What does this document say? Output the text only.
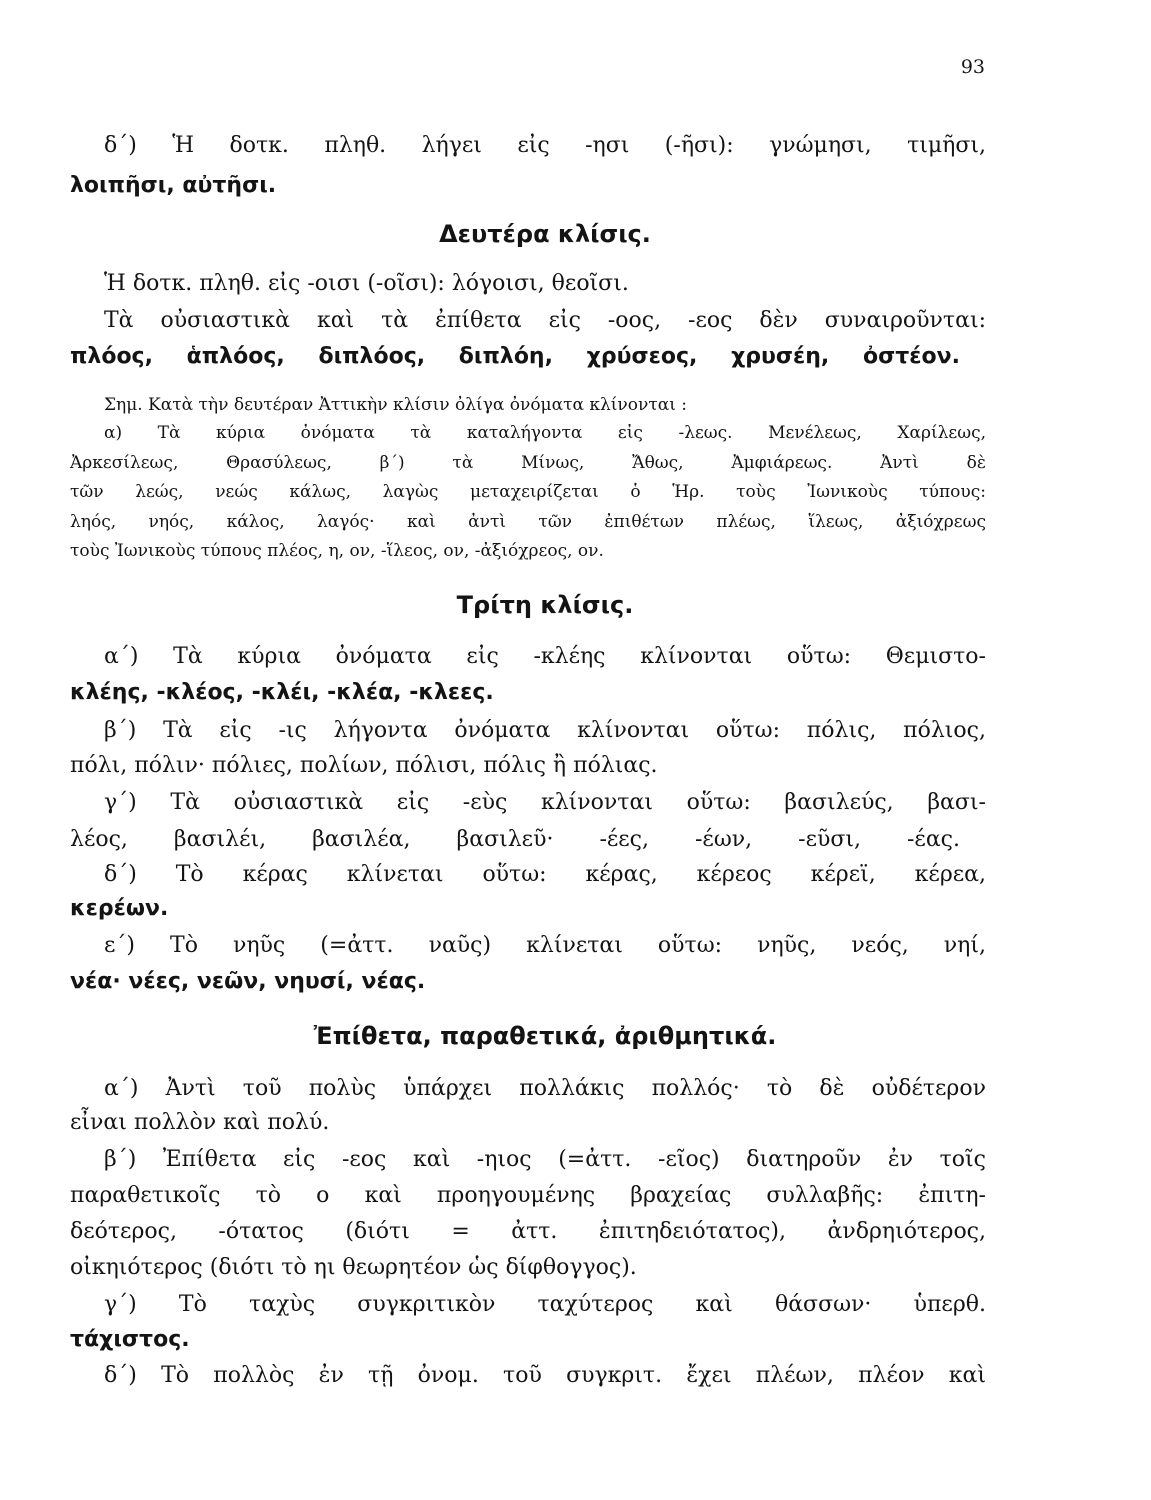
93
δ΄) Ἡ δοτκ. πληθ. λήγει εἰς -ησι (-ῆσι): γνώμησι, τιμῆσι,
λοιπῆσι, αὐτῆσι.
Δευτέρα κλίσις.
Ἡ δοτκ. πληθ. εἰς -οισι (-οῖσι): λόγοισι, θεοῖσι.
Τὰ οὐσιαστικὰ καὶ τὰ ἐπίθετα εἰς -οος, -εος δὲν συναιροῦνται:
πλόος, ἁπλόος, διπλόος, διπλόη, χρύσεος, χρυσέη, ὀστέον.
Σημ. Κατὰ τὴν δευτέραν Ἀττικὴν κλίσιν ὀλίγα ὀνόματα κλίνονται :
α) Τὰ κύρια ὀνόματα τὰ καταλήγοντα εἰς -λεως. Μενέλεως, Χαρίλεως,
Ἀρκεσίλεως, Θρασύλεως, β΄) τὰ Μίνως, Ἄθως, Ἀμφιάρεως. Ἀντὶ δὲ
τῶν λεώς, νεώς κάλως, λαγὼς μεταχειρίζεται ὁ Ἡρ. τοὺς Ἰωνικοὺς τύπους:
ληός, νηός, κάλος, λαγός· καὶ ἀντὶ τῶν ἐπιθέτων πλέως, ἵλεως, ἀξιόχρεως
τοὺς Ἰωνικοὺς τύπους πλέος, η, ον, -ἵλεος, ον, -ἀξιόχρεος, ον.
Τρίτη κλίσις.
α΄) Τὰ κύρια ὀνόματα εἰς -κλέης κλίνονται οὕτω: Θεμιστο-
κλέης, -κλέος, -κλέι, -κλέα, -κλεες.
β΄) Τὰ εἰς -ις λήγοντα ὀνόματα κλίνονται οὕτω: πόλις, πόλιος,
πόλι, πόλιν· πόλιες, πολίων, πόλισι, πόλις ἢ πόλιας.
γ΄) Τὰ οὐσιαστικὰ εἰς -εὺς κλίνονται οὕτω: βασιλεύς, βασι-
λέος, βασιλέι, βασιλέα, βασιλεῦ· -έες, -έων, -εῦσι, -έας.
δ΄) Τὸ κέρας κλίνεται οὕτω: κέρας, κέρεος κέρεϊ, κέρεα,
κερέων.
ε΄) Τὸ νηῦς (=ἀττ. ναῦς) κλίνεται οὕτω: νηῦς, νεός, νηί,
νέα· νέες, νεῶν, νηυσί, νέας.
Ἐπίθετα, παραθετικά, ἀριθμητικά.
α΄) Ἀντὶ τοῦ πολὺς ὑπάρχει πολλάκις πολλός· τὸ δὲ οὐδέτερον
εἶναι πολλὸν καὶ πολύ.
β΄) Ἐπίθετα εἰς -εος καὶ -ηιος (=ἀττ. -εῖος) διατηροῦν ἐν τοῖς
παραθετικοῖς τὸ ο καὶ προηγουμένης βραχείας συλλαβῆς: ἐπιτη-
δεότερος, -ότατος (διότι = ἀττ. ἐπιτηδειότατος), ἀνδρηιότερος,
οἰκηιότερος (διότι τὸ ηι θεωρητέον ὡς δίφθογγος).
γ΄) Τὸ ταχὺς συγκριτικὸν ταχύτερος καὶ θάσσων· ὑπερθ.
τάχιστος.
δ΄) Τὸ πολλὸς ἐν τῇ ὀνομ. τοῦ συγκριτ. ἔχει πλέων, πλέον καὶ
